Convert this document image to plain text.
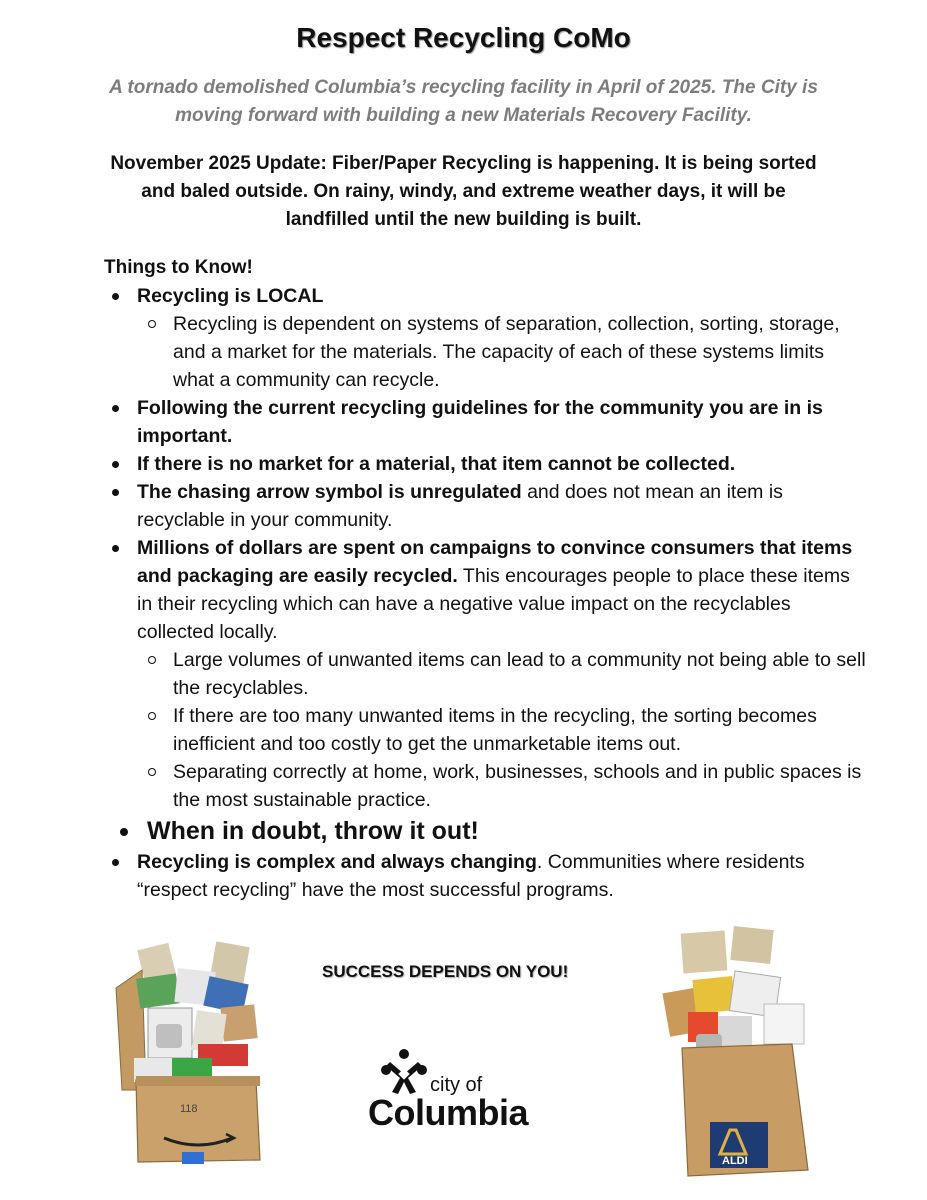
Respect Recycling CoMo

A tornado demolished Columbia’s recycling facility in April of 2025. The City is moving forward with building a new Materials Recovery Facility.

November 2025 Update: Fiber/Paper Recycling is happening. It is being sorted and baled outside. On rainy, windy, and extreme weather days, it will be landfilled until the new building is built.

Things to Know!

Recycling is LOCAL
Recycling is dependent on systems of separation, collection, sorting, storage, and a market for the materials. The capacity of each of these systems limits what a community can recycle.
Following the current recycling guidelines for the community you are in is important.
If there is no market for a material, that item cannot be collected.
The chasing arrow symbol is unregulated and does not mean an item is recyclable in your community.
Millions of dollars are spent on campaigns to convince consumers that items and packaging are easily recycled. This encourages people to place these items in their recycling which can have a negative value impact on the recyclables collected locally.
Large volumes of unwanted items can lead to a community not being able to sell the recyclables.
If there are too many unwanted items in the recycling, the sorting becomes inefficient and too costly to get the unmarketable items out.
Separating correctly at home, work, businesses, schools and in public spaces is the most sustainable practice.
When in doubt, throw it out!
Recycling is complex and always changing. Communities where residents “respect recycling” have the most successful programs.

SUCCESS DEPENDS ON YOU!

118
city of
Columbia
ALDI
